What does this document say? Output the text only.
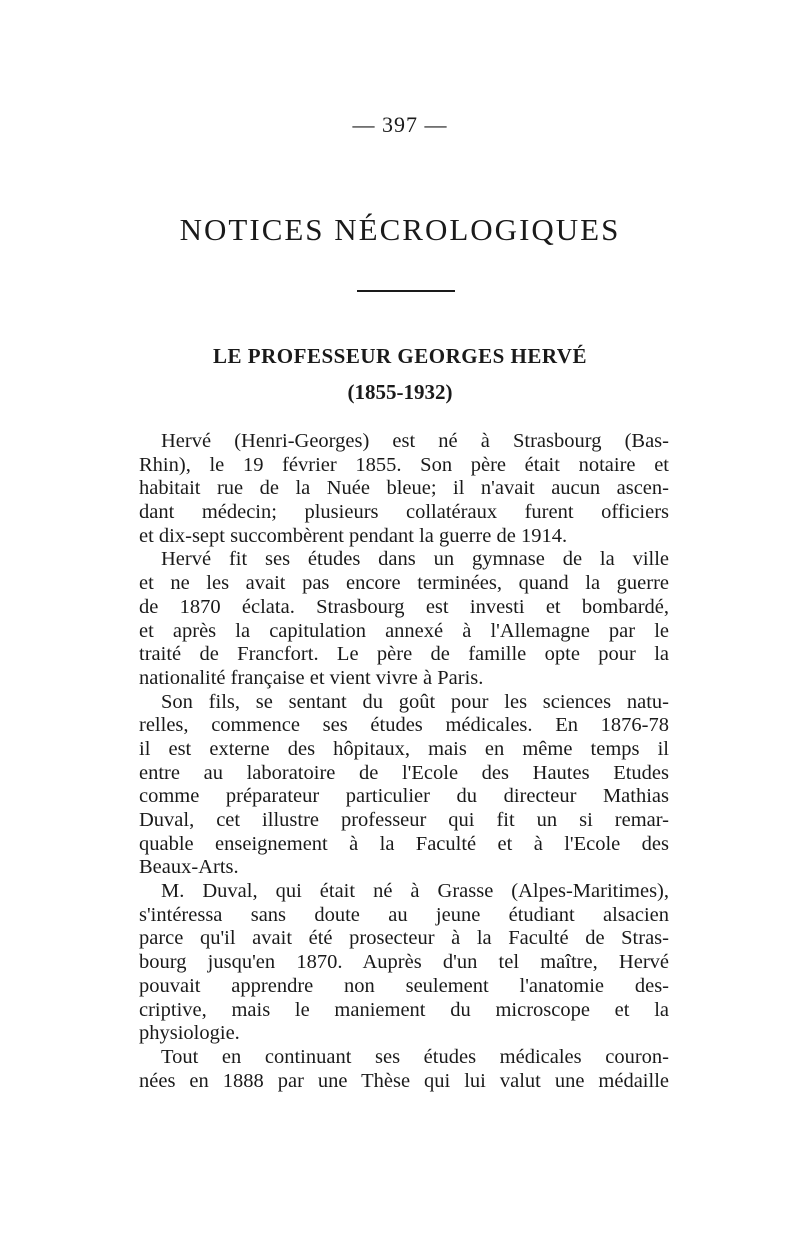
— 397 —
NOTICES NÉCROLOGIQUES
LE PROFESSEUR GEORGES HERVÉ
(1855-1932)
Hervé (Henri-Georges) est né à Strasbourg (Bas-
Rhin), le 19 février 1855. Son père était notaire et
habitait rue de la Nuée bleue; il n'avait aucun ascen-
dant médecin; plusieurs collatéraux furent officiers
et dix-sept succombèrent pendant la guerre de 1914.
Hervé fit ses études dans un gymnase de la ville
et ne les avait pas encore terminées, quand la guerre
de 1870 éclata. Strasbourg est investi et bombardé,
et après la capitulation annexé à l'Allemagne par le
traité de Francfort. Le père de famille opte pour la
nationalité française et vient vivre à Paris.
Son fils, se sentant du goût pour les sciences natu-
relles, commence ses études médicales. En 1876-78
il est externe des hôpitaux, mais en même temps il
entre au laboratoire de l'Ecole des Hautes Etudes
comme préparateur particulier du directeur Mathias
Duval, cet illustre professeur qui fit un si remar-
quable enseignement à la Faculté et à l'Ecole des
Beaux-Arts.
M. Duval, qui était né à Grasse (Alpes-Maritimes),
s'intéressa sans doute au jeune étudiant alsacien
parce qu'il avait été prosecteur à la Faculté de Stras-
bourg jusqu'en 1870. Auprès d'un tel maître, Hervé
pouvait apprendre non seulement l'anatomie des-
criptive, mais le maniement du microscope et la
physiologie.
Tout en continuant ses études médicales couron-
nées en 1888 par une Thèse qui lui valut une médaille
